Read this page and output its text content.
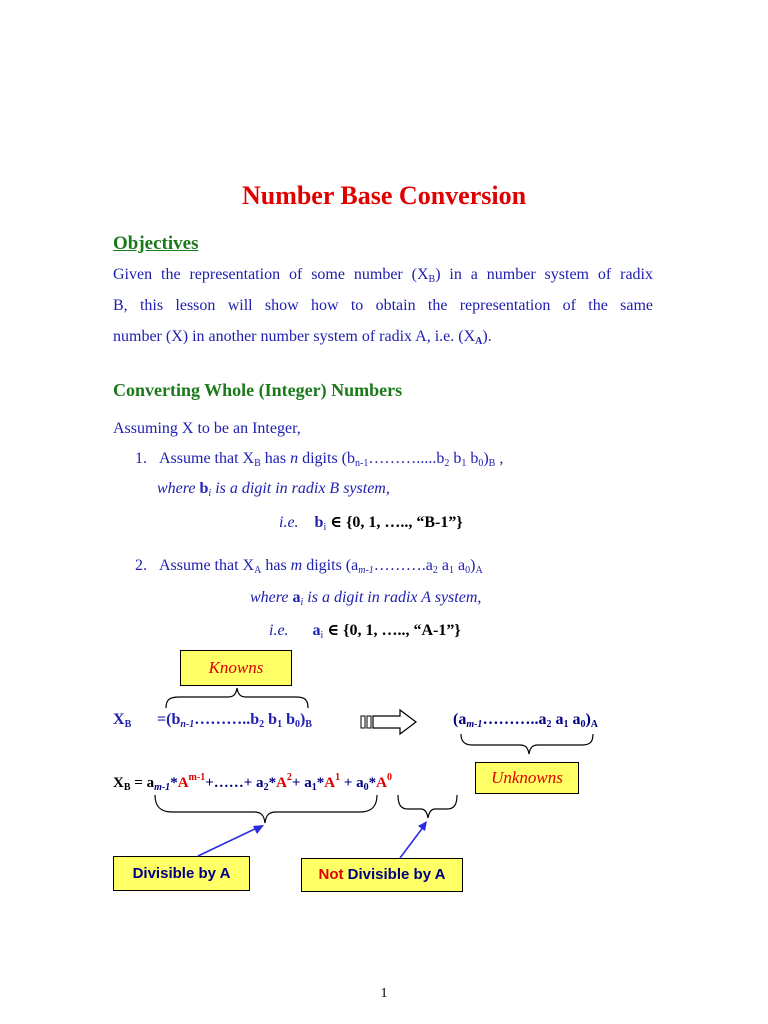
Number Base Conversion
Objectives
Given the representation of some number $(X_B)$ in a number system of radix
B, this lesson will show how to obtain the representation of the same
number (X) in another number system of radix A, i.e. $(X_A)$.
Converting Whole (Integer) Numbers
Assuming X to be an Integer,
1. Assume that $X_B$ has n digits ($b_{n-1}\dots\dots\dots.....b_2$ $b_1$ $b_0)_B$ ,
where $b_i$ is a digit in radix B system,
i.e. $b_i$ ∈ {0, 1, ….., “B-1”}
2. Assume that $X_A$ has m digits ($a_{m-1}\dots\dots\dots.a_2$ $a_1$ $a_0)_A$
where $a_i$ is a digit in radix A system,
i.e. $a_i$ ∈ {0, 1, ….., “A-1”}
Knowns
$X_B$ $=(b_{n-1}\dots\dots\dots..b_2$ $b_1$ $b_0)_B$	($a_{m-1}\dots\dots\dots..a_2$ $a_1$ $a_0)_A$
Unknowns
$X_B$ = $a_{m-1}*A^{m-1}+\dots\dots+ a_2*A^2+ a_1*A^1 + a_0*A^0$
Divisible by A	Not Divisible by A
1
